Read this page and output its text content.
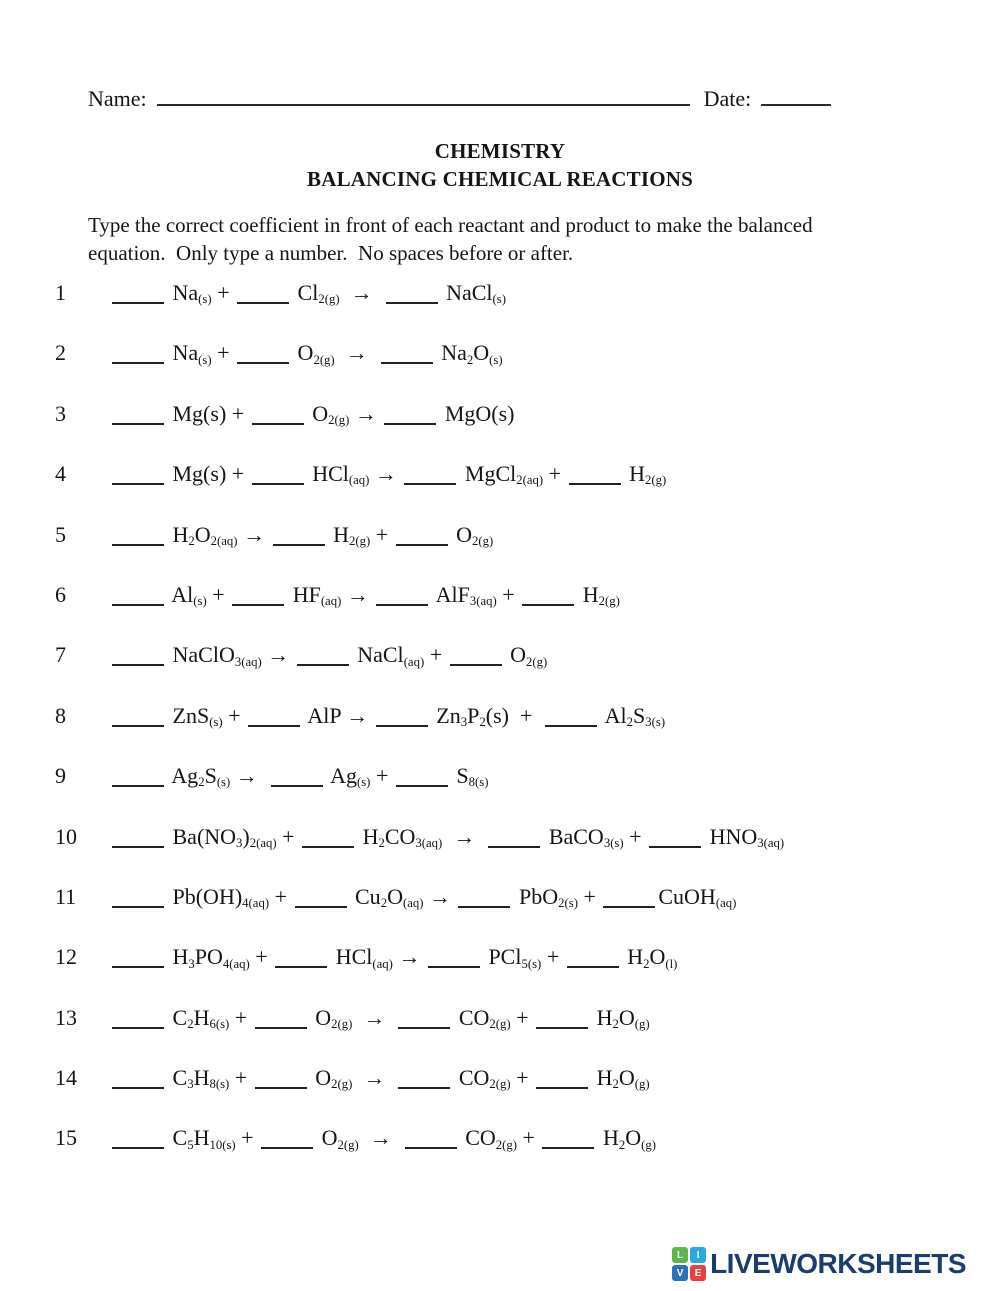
Name:	Date:
CHEMISTRY
BALANCING CHEMICAL REACTIONS
Type the correct coefficient in front of each reactant and product to make the balanced
equation.  Only type a number.  No spaces before or after.
1	$Na_{(s)}$ +	$Cl_{2(g)}$  →	NaCl$_{(s)}$
2	$Na_{(s)}$ +	$O_{2(g)}$  →	$Na_2O_{(s)}$
3	Mg(s) +	$O_{2(g)}$ →	MgO(s)
4	Mg(s) +	HCl$_{(aq)}$ →	MgCl$_{2(aq)}$ +	$H_{2(g)}$
5	$H_2O_{2(aq)}$ →	$H_{2(g)}$ +	$O_{2(g)}$
6	$Al_{(s)}$ +	$HF_{(aq)}$ →	AlF$_{3(aq)}$ +	$H_{2(g)}$
7	NaClO$_{3(aq)}$ →	NaCl$_{(aq)}$ +	$O_{2(g)}$
8	ZnS$_{(s)}$ +	AlP →	$Zn_3P_2(s)$  +	$Al_2S_{3(s)}$
9	$Ag_2S_{(s)}$ →	$Ag_{(s)}$ +	$S_{8(s)}$
10	$Ba(NO_3)_{2(aq)}$ +	$H_2CO_{3(aq)}$  →	BaCO$_{3(s)}$ +	$HNO_{3(aq)}$
11	$Pb(OH)_{4(aq)}$ +	$Cu_2O_{(aq)}$ →	PbO$_{2(s)}$ +	CuOH$_{(aq)}$
12	$H_3PO_{4(aq)}$ +	HCl$_{(aq)}$ →	PCl$_{5(s)}$ +	$H_2O_{(l)}$
13	$C_2H_{6(s)}$ +	$O_{2(g)}$  →	$CO_{2(g)}$ +	$H_2O_{(g)}$
14	$C_3H_{8(s)}$ +	$O_{2(g)}$  →	$CO_{2(g)}$ +	$H_2O_{(g)}$
15	$C_5H_{10(s)}$ +	$O_{2(g)}$  →	$CO_{2(g)}$ +	$H_2O_{(g)}$
L	I
V	E LIVEWORKSHEETS
